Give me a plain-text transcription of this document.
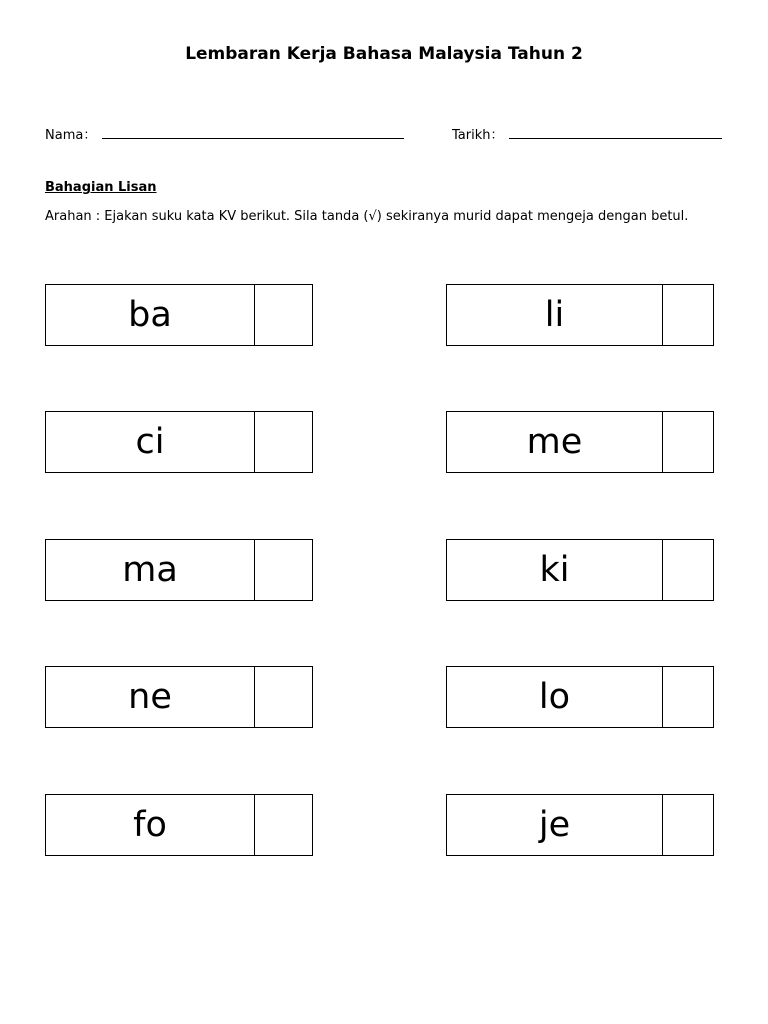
Lembaran Kerja Bahasa Malaysia Tahun 2
Nama：	Tarikh：
Bahagian Lisan
Arahan : Ejakan suku kata KV berikut. Sila tanda (√) sekiranya murid dapat mengeja dengan betul.
ba
ci
ma
ne
fo
li
me
ki
lo
je
